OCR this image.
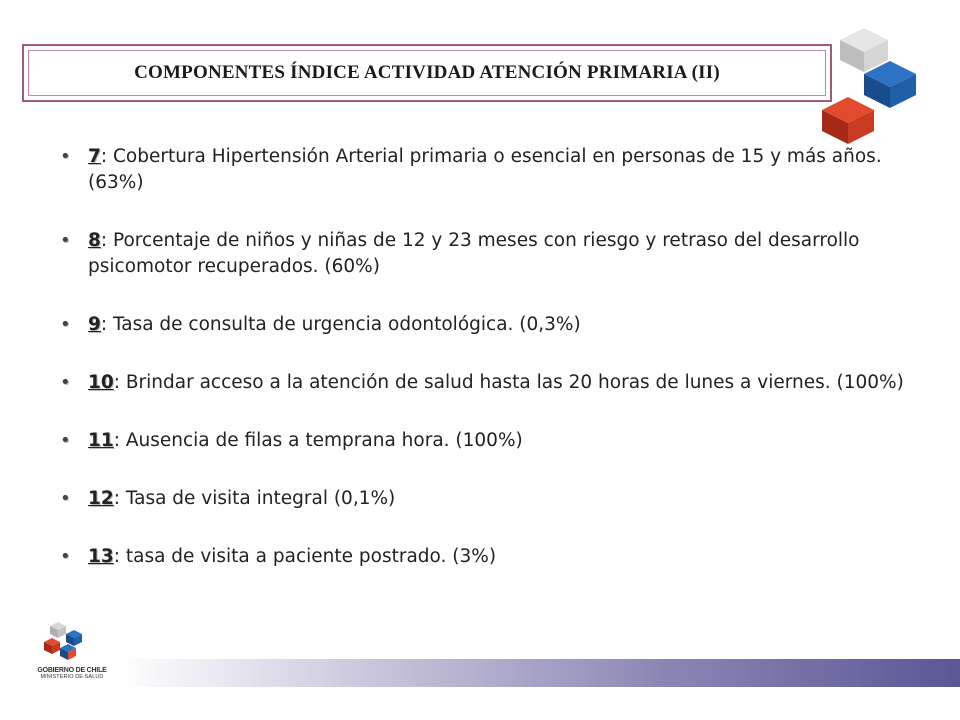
COMPONENTES ÍNDICE ACTIVIDAD ATENCIÓN PRIMARIA (II)
• 7: Cobertura Hipertensión Arterial primaria o esencial en personas de 15 y más años. (63%)
• 8: Porcentaje de niños y niñas de 12 y 23 meses con riesgo y retraso del desarrollo psicomotor recuperados. (60%)
• 9: Tasa de consulta de urgencia odontológica. (0,3%)
• 10: Brindar acceso a la atención de salud hasta las 20 horas de lunes a viernes. (100%)
• 11: Ausencia de filas a temprana hora. (100%)
• 12: Tasa de visita integral (0,1%)
• 13: tasa de visita a paciente postrado. (3%)
GOBIERNO DE CHILE
MINISTERIO DE SALUD
